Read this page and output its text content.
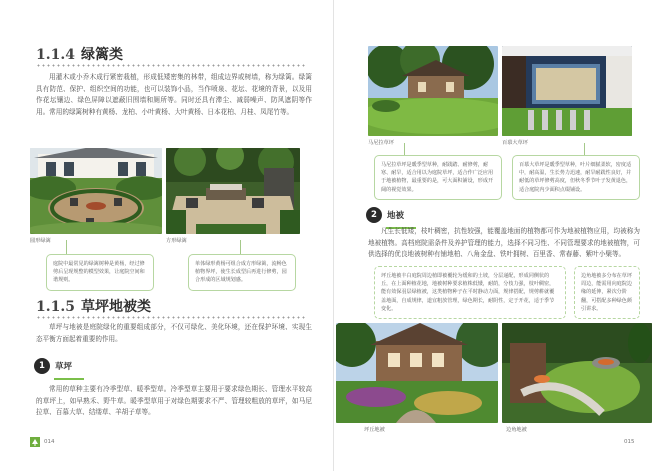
1.1.4 绿篱类

用灌木或小乔木成行紧密栽植，形成低矮密集的林带，组成边界或树墙，称为绿篱。绿篱具有防范、保护、组织空间的功能，也可以装饰小品，当作喷泉、花坛、花境的背景，以及用作花坛镶边、绿色屏障以遮蔽旧围墙和厕所等。同时还具有滞尘、减弱噪声、防风遮阴等作用。常用的绿篱树种有黄杨、龙柏、小叶黄杨、大叶黄杨、日本花柏、月桂、凤尾竹等。

圆形绿篱	方形绿篱
庭院中最常见的绿篱树种是黄杨，经过修剪后呈现规整的模型效果，让庭院空间和谐规则。
单体绿形黄杨可组合成方形绿篱，流畅色植物界坪，使生长成型后再进行修剪，园合形成的区域规划感。
1.1.5 草坪地被类

草坪与地被是庭院绿化的重要组成部分，不仅可绿化、美化环境，还在保护环境、实现生态平衡方面起着重要的作用。

1	草坪

常用的草种主要有冷季型草、暖季型草。冷季型草主要用于要求绿色期长、管理水平较高的草坪上，如早熟禾、野牛草。暖季型草用于对绿色期要求不严、管理较粗放的草坪，如马尼拉草、百慕大草、结缕草、羊胡子草等。

014
马尼拉草坪	百慕大草坪
马尼拉草坪是暖季型草种，耐践踏、耐修剪，耐寒、耐旱，适合用以为庭院草坪，适合作广泛应用于地被植物，最重要的是，可大面积铺设，形成开阔的视觉效果。
百慕大草坪是暖季型草种，叶片细腻柔软，密度适中，耐高温，生长势力迅速，耐旱耐践性良好，并耐低的草坪修剪高度，但秋冬季节叶子发黄退色，适合庭院内少面积点缀铺设。
2	地被

凡生长低矮，枝叶稠密，抗性较强，能覆盖地面的植物都可作为地被植物应用，均被称为地被植物。高档庭院需条件及养护管理的能力，选择不同习性、不同管理要求的地被植物，可供选择的优良地被树种有铺地柏、八角金盘、铁叶拥树、百里香、常春藤、紫叶小檗等。

坪丘地被丰白庭院周边植即被覆轮为缓和的土坡，分层递配，形成同侧状的丘，在上面种植花地，地被树种要求植株低矮，耐荫，分枝力强，枝叶稠密，能有效保羽层绿植被，这类植物种子在平时静动力面，规律搭配，规剪耕就覆盖地面，自成规律，道宜粗放管理，绿色期长，耐阴性，定于开花，适于季节变化。
边角地被多分布在草坪周边，能需用向庭院边缘的延伸，紧次分阶翻，可搭配多种绿色颜引讲求。
坪丘地被	边角地被
015
